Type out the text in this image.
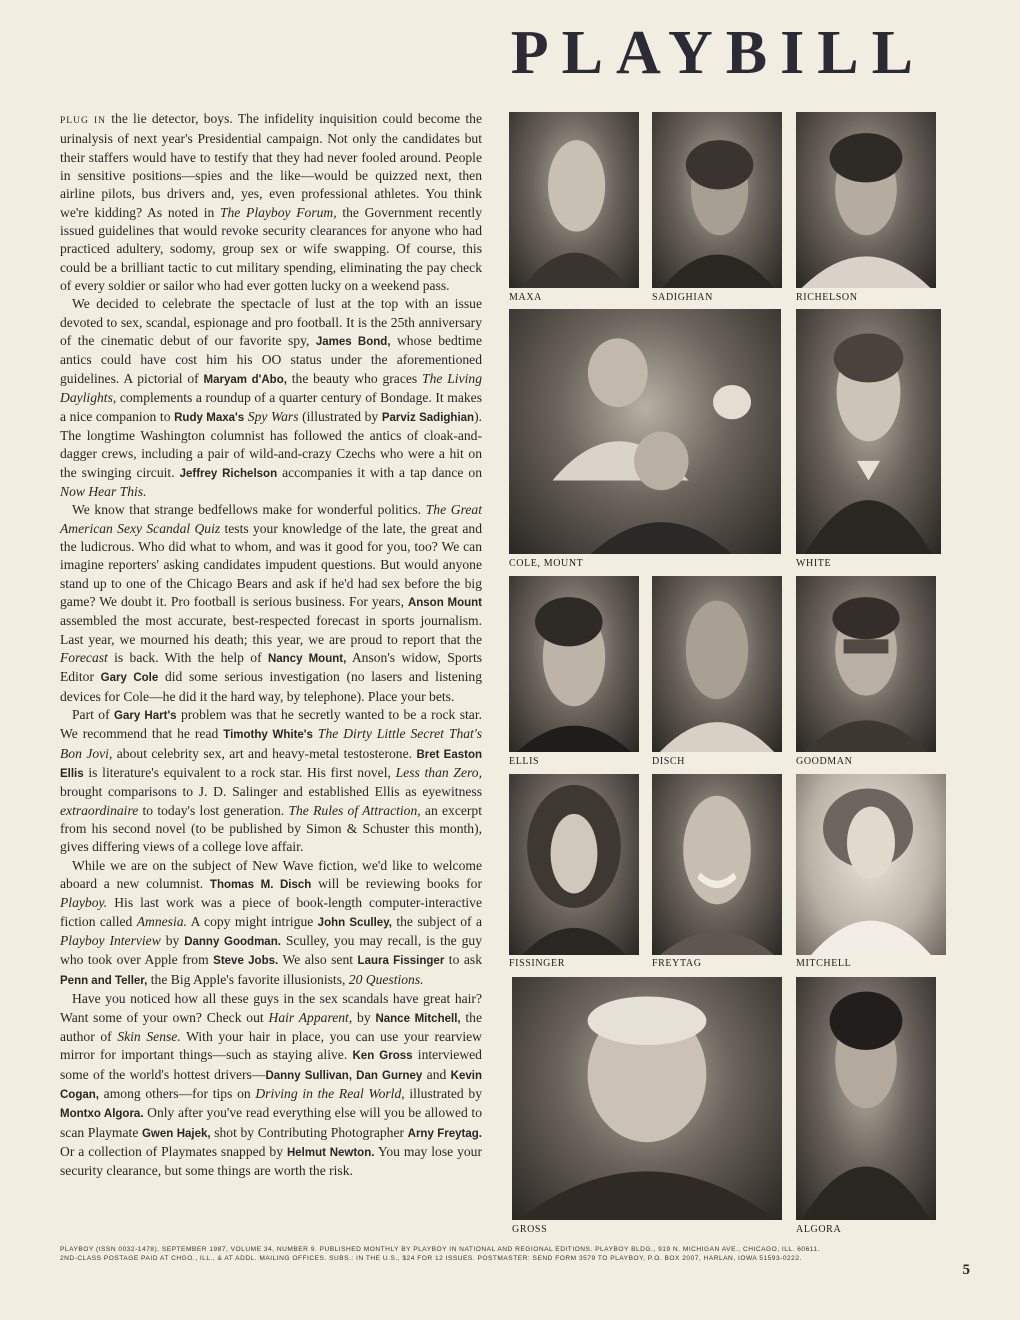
PLAYBILL

PLUG IN the lie detector, boys. The infidelity inquisition could become the urinalysis of next year's Presidential campaign. Not only the candidates but their staffers would have to testify that they had never fooled around. People in sensitive positions—spies and the like—would be quizzed next, then airline pilots, bus drivers and, yes, even professional athletes. You think we're kidding? As noted in The Playboy Forum, the Government recently issued guidelines that would revoke security clearances for anyone who had practiced adultery, sodomy, group sex or wife swapping. Of course, this could be a brilliant tactic to cut military spending, eliminating the pay check of every soldier or sailor who had ever gotten lucky on a weekend pass.

We decided to celebrate the spectacle of lust at the top with an issue devoted to sex, scandal, espionage and pro football. It is the 25th anniversary of the cinematic debut of our favorite spy, James Bond, whose bedtime antics could have cost him his OO status under the aforementioned guidelines. A pictorial of Maryam d'Abo, the beauty who graces The Living Daylights, complements a roundup of a quarter century of Bondage. It makes a nice companion to Rudy Maxa's Spy Wars (illustrated by Parviz Sadighian). The longtime Washington columnist has followed the antics of cloak-and-dagger crews, including a pair of wild-and-crazy Czechs who were a hit on the swinging circuit. Jeffrey Richelson accompanies it with a tap dance on Now Hear This.

We know that strange bedfellows make for wonderful politics. The Great American Sexy Scandal Quiz tests your knowledge of the late, the great and the ludicrous. Who did what to whom, and was it good for you, too? We can imagine reporters' asking candidates impudent questions. But would anyone stand up to one of the Chicago Bears and ask if he'd had sex before the big game? We doubt it. Pro football is serious business. For years, Anson Mount assembled the most accurate, best-respected forecast in sports journalism. Last year, we mourned his death; this year, we are proud to report that the Forecast is back. With the help of Nancy Mount, Anson's widow, Sports Editor Gary Cole did some serious investigation (no lasers and listening devices for Cole—he did it the hard way, by telephone). Place your bets.

Part of Gary Hart's problem was that he secretly wanted to be a rock star. We recommend that he read Timothy White's The Dirty Little Secret That's Bon Jovi, about celebrity sex, art and heavy-metal testosterone. Bret Easton Ellis is literature's equivalent to a rock star. His first novel, Less than Zero, brought comparisons to J. D. Salinger and established Ellis as eyewitness extraordinaire to today's lost generation. The Rules of Attraction, an excerpt from his second novel (to be published by Simon & Schuster this month), gives differing views of a college love affair.

While we are on the subject of New Wave fiction, we'd like to welcome aboard a new columnist. Thomas M. Disch will be reviewing books for Playboy. His last work was a piece of book-length computer-interactive fiction called Amnesia. A copy might intrigue John Sculley, the subject of a Playboy Interview by Danny Goodman. Sculley, you may recall, is the guy who took over Apple from Steve Jobs. We also sent Laura Fissinger to ask Penn and Teller, the Big Apple's favorite illusionists, 20 Questions.

Have you noticed how all these guys in the sex scandals have great hair? Want some of your own? Check out Hair Apparent, by Nance Mitchell, the author of Skin Sense. With your hair in place, you can use your rearview mirror for important things—such as staying alive. Ken Gross interviewed some of the world's hottest drivers—Danny Sullivan, Dan Gurney and Kevin Cogan, among others—for tips on Driving in the Real World, illustrated by Montxo Algora. Only after you've read everything else will you be allowed to scan Playmate Gwen Hajek, shot by Contributing Photographer Arny Freytag. Or a collection of Playmates snapped by Helmut Newton. You may lose your security clearance, but some things are worth the risk.

MAXA	SADIGHIAN	RICHELSON
COLE, MOUNT	WHITE
ELLIS	DISCH	GOODMAN
FISSINGER	FREYTAG	MITCHELL
GROSS	ALGORA
PLAYBOY (ISSN 0032-1478), SEPTEMBER 1987, VOLUME 34, NUMBER 9. PUBLISHED MONTHLY BY PLAYBOY IN NATIONAL AND REGIONAL EDITIONS. PLAYBOY BLDG., 919 N. MICHIGAN AVE., CHICAGO, ILL. 60611.
2ND-CLASS POSTAGE PAID AT CHGO., ILL., & AT ADDL. MAILING OFFICES. SUBS.: IN THE U.S., $24 FOR 12 ISSUES. POSTMASTER: SEND FORM 3579 TO PLAYBOY, P.O. BOX 2007, HARLAN, IOWA 51593-0222.
5
